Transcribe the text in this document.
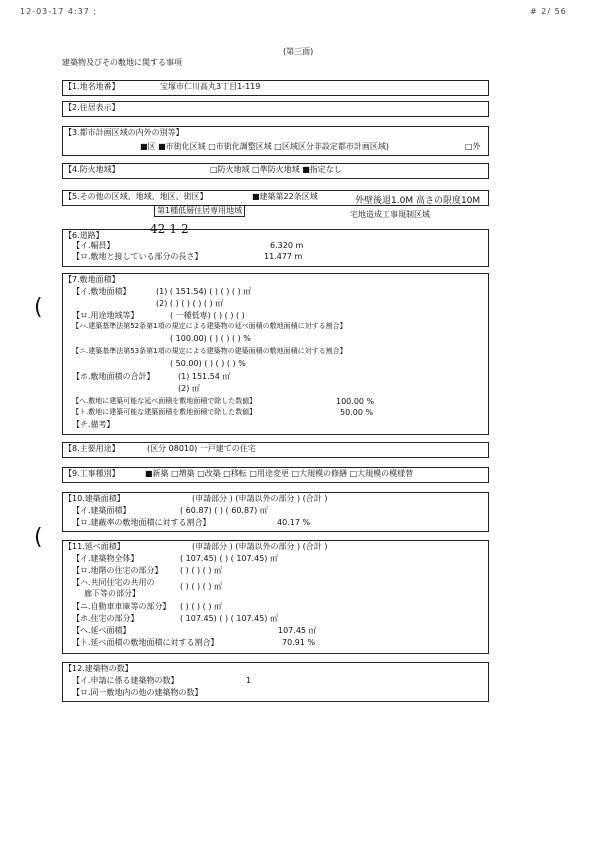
12-03-17 4:37 ;	# 2/ 56
(第三面)
建築物及びその敷地に関する事項
(
(
【1.地名地番】	宝塚市仁川高丸3丁目1-119
【2.住居表示】
【3.都市計画区域の内外の別等】
■区 ■市街化区域 □市街化調整区域 □区域区分非設定都市計画区域)	□外
【4.防火地域】	□防火地域 □準防火地域 ■指定なし
【5.その他の区域、地域、地区、街区】	■建築第22条区域
第1種低層住居専用地域
外壁後退1.0M 高さの限度10M
宅地造成工事規制区域
42-1-2
【6.道路】
【イ.幅員】	6.320 m
【ロ.敷地と接している部分の長さ】	11.477 m
【7.敷地面積】
【イ.敷地面積】	(1) ( 151.54) ( ) ( ) ( ) ㎡
(2) ( ) ( ) ( ) ( ) ㎡
【ロ.用途地域等】	( 一種低専) ( ) ( ) ( )
【ハ.建築基準法第52条第1項の規定による建築物の延べ面積の敷地面積に対する割合】
( 100.00) ( ) ( ) ( ) %
【ニ.建築基準法第53条第1項の規定による建築物の建築面積の敷地面積に対する割合】
( 50.00) ( ) ( ) ( ) %
【ホ.敷地面積の合計】	(1) 151.54 ㎡
(2) ㎡
【ヘ.敷地に建築可能な延べ面積を敷地面積で除した数値】	100.00 %
【ト.敷地に建築可能な建築面積を敷地面積で除した数値】	50.00 %
【チ.備考】
【8.主要用途】	(区分 08010) 一戸建ての住宅
【9.工事種別】	■新築 □増築 □改築 □移転 □用途変更 □大規模の修繕 □大規模の模様替
【10.建築面積】	(申請部分 ) (申請以外の部分 ) (合計 )
【イ.建築面積】	( 60.87) ( ) ( 60.87) ㎡
【ロ.建蔽率の敷地面積に対する割合】	40.17 %
【11.延べ面積】	(申請部分 ) (申請以外の部分 ) (合計 )
【イ.建築物全体】	( 107.45) ( ) ( 107.45) ㎡
【ロ.地階の住宅の部分】 ( ) ( ) ( ) ㎡
【ハ.共同住宅の共用の
廊下等の部分】
( ) ( ) ( ) ㎡
【ニ.自動車車庫等の部分】 ( ) ( ) ( ) ㎡
【ホ.住宅の部分】	( 107.45) ( ) ( 107.45) ㎡
【ヘ.延べ面積】	107.45 ㎡
【ト.延べ面積の敷地面積に対する割合】	70.91 %
【12.建築物の数】
【イ.申請に係る建築物の数】	1
【ロ.同一敷地内の他の建築物の数】
